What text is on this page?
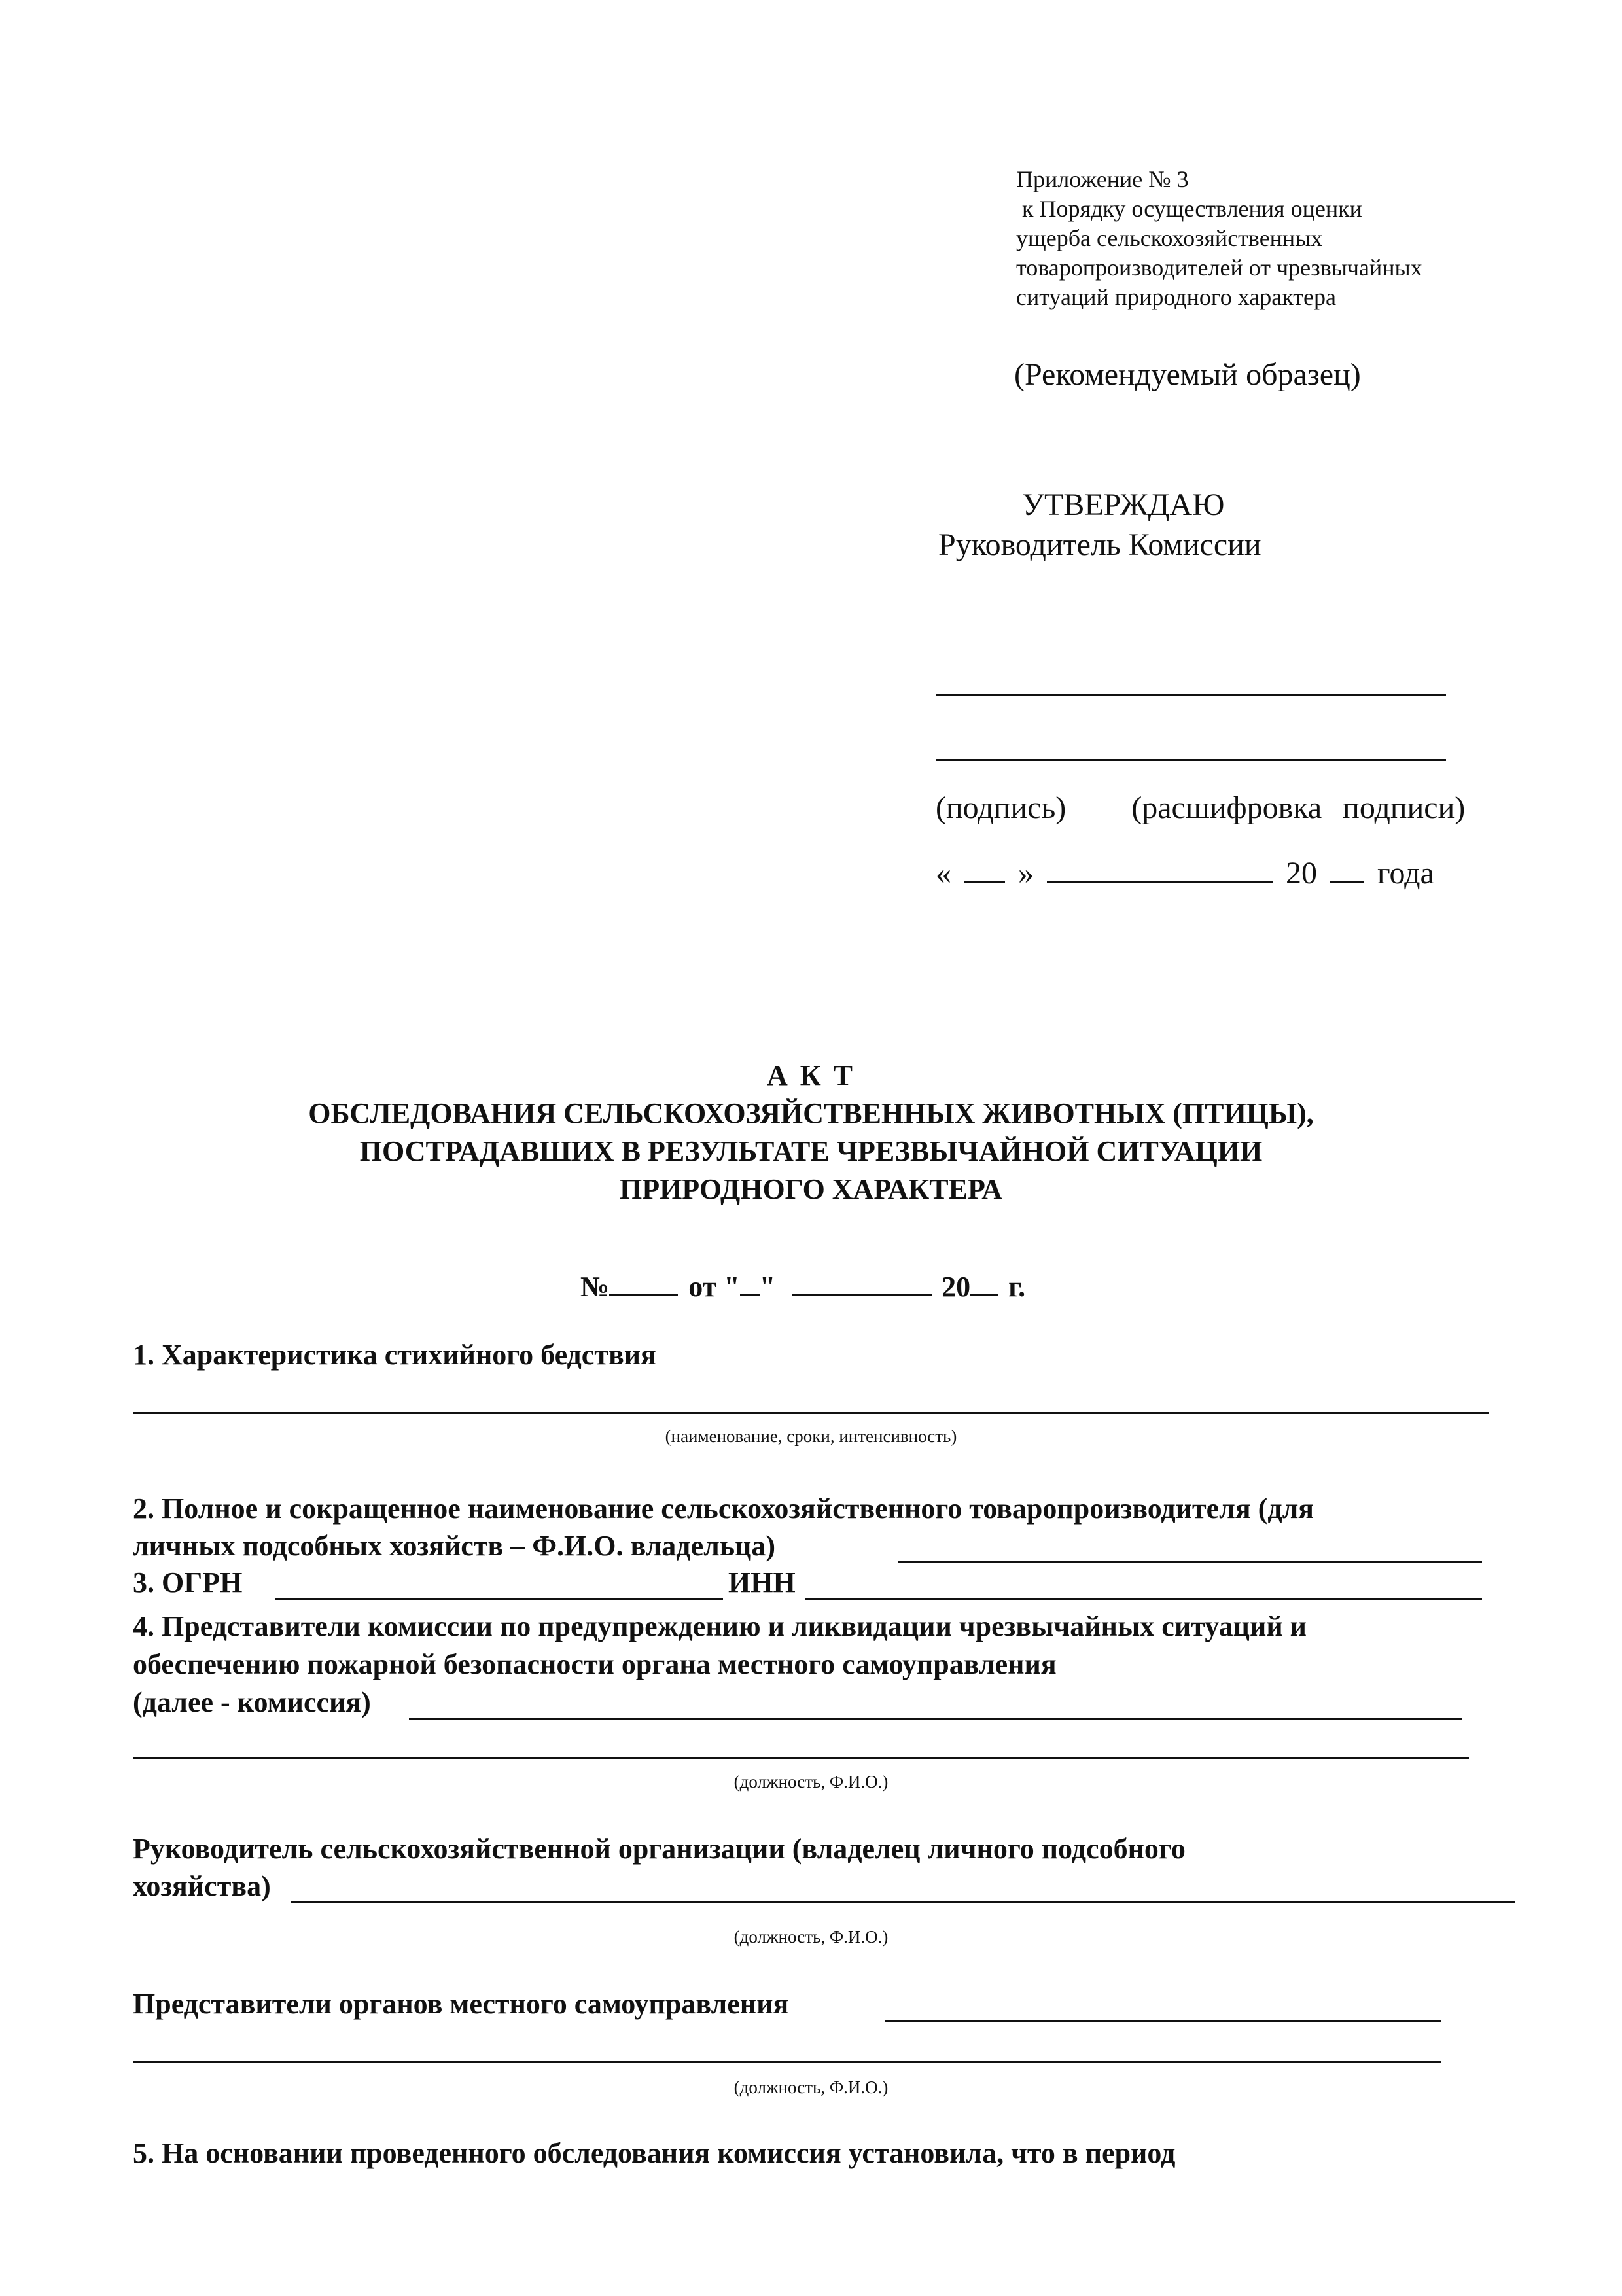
Приложение № 3
к Порядку осуществления оценки
ущерба сельскохозяйственных
товаропроизводителей от чрезвычайных
ситуаций природного характера
(Рекомендуемый образец)
УТВЕРЖДАЮ
Руководитель Комиссии
(подпись) (расшифровка подписи)
« »	20 года
А К Т
ОБСЛЕДОВАНИЯ СЕЛЬСКОХОЗЯЙСТВЕННЫХ ЖИВОТНЫХ (ПТИЦЫ),
ПОСТРАДАВШИХ В РЕЗУЛЬТАТЕ ЧРЕЗВЫЧАЙНОЙ СИТУАЦИИ
ПРИРОДНОГО ХАРАКТЕРА
№	от " "	20 г.
1. Характеристика стихийного бедствия
(наименование, сроки, интенсивность)
2. Полное и сокращенное наименование сельскохозяйственного товаропроизводителя (для
личных подсобных хозяйств – Ф.И.О. владельца)
3. ОГРН	ИНН
4. Представители комиссии по предупреждению и ликвидации чрезвычайных ситуаций и
обеспечению пожарной безопасности органа местного самоуправления
(далее - комиссия)
(должность, Ф.И.О.)
Руководитель сельскохозяйственной организации (владелец личного подсобного
хозяйства)
(должность, Ф.И.О.)
Представители органов местного самоуправления
(должность, Ф.И.О.)
5. На основании проведенного обследования комиссия установила, что в период
